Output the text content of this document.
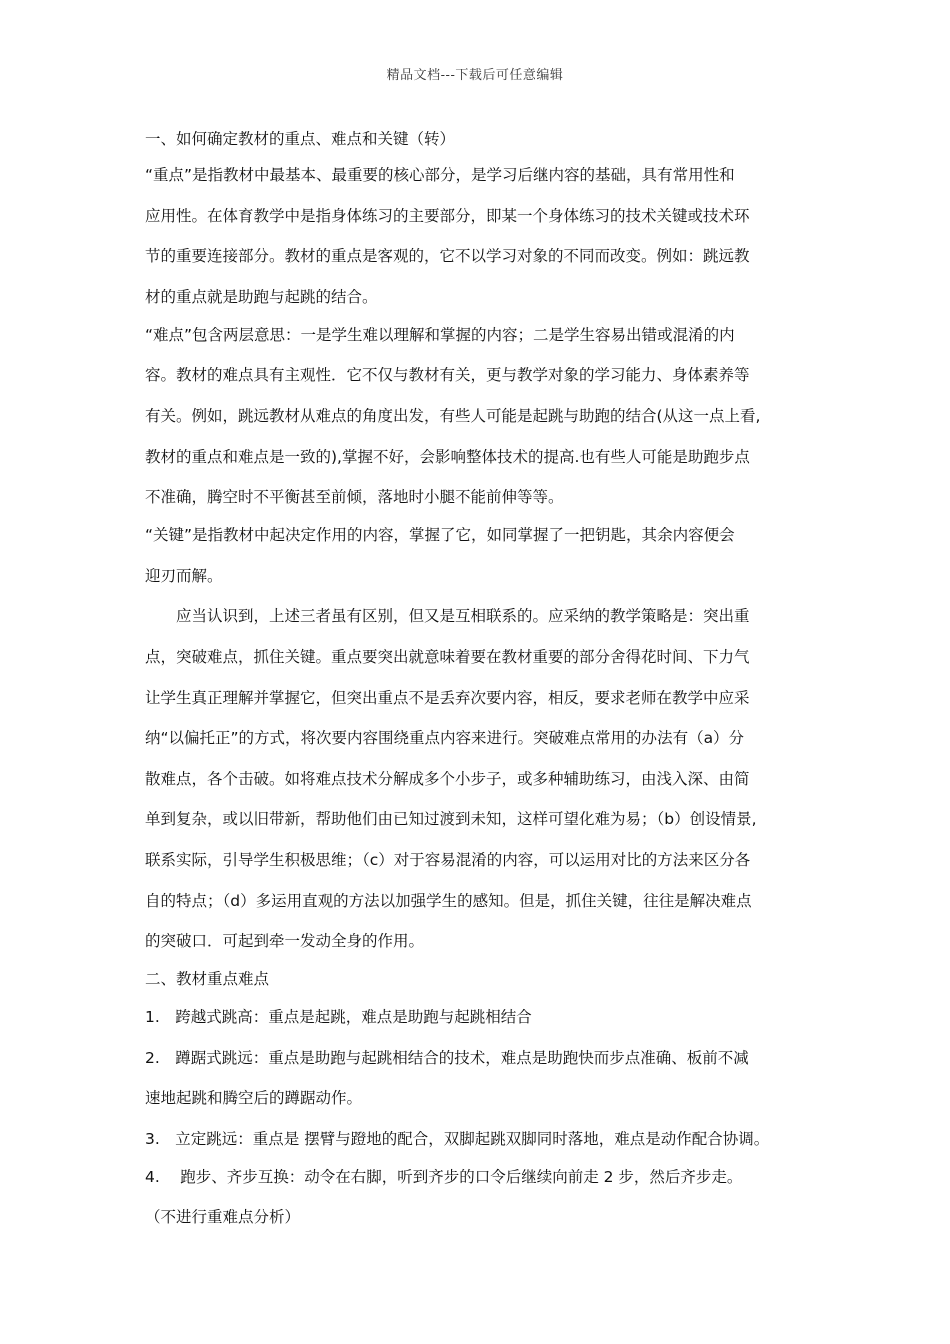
精品文档---下载后可任意编辑
一、如何确定教材的重点、难点和关键（转）
“重点”是指教材中最基本、最重要的核心部分，是学习后继内容的基础，具有常用性和
应用性。在体育教学中是指身体练习的主要部分，即某一个身体练习的技术关键或技术环
节的重要连接部分。教材的重点是客观的，它不以学习对象的不同而改变。例如：跳远教
材的重点就是助跑与起跳的结合。
“难点”包含两层意思：一是学生难以理解和掌握的内容；二是学生容易出错或混淆的内
容。教材的难点具有主观性．它不仅与教材有关，更与教学对象的学习能力、身体素养等
有关。例如，跳远教材从难点的角度出发，有些人可能是起跳与助跑的结合(从这一点上看,
教材的重点和难点是一致的),掌握不好，会影响整体技术的提高.也有些人可能是助跑步点
不准确，腾空时不平衡甚至前倾，落地时小腿不能前伸等等。
“关键”是指教材中起决定作用的内容，掌握了它，如同掌握了一把钥匙，其余内容便会
迎刃而解。
应当认识到，上述三者虽有区别，但又是互相联系的。应采纳的教学策略是：突出重
点，突破难点，抓住关键。重点要突出就意味着要在教材重要的部分舍得花时间、下力气
让学生真正理解并掌握它，但突出重点不是丢弃次要内容，相反，要求老师在教学中应采
纳“以偏托正”的方式，将次要内容围绕重点内容来进行。突破难点常用的办法有（a）分
散难点，各个击破。如将难点技术分解成多个小步子，或多种辅助练习，由浅入深、由简
单到复杂，或以旧带新，帮助他们由已知过渡到未知，这样可望化难为易；（b）创设情景,
联系实际，引导学生积极思维；（c）对于容易混淆的内容，可以运用对比的方法来区分各
自的特点；（d）多运用直观的方法以加强学生的感知。但是，抓住关键，往往是解决难点
的突破口．可起到牵一发动全身的作用。
二、教材重点难点
1.　跨越式跳高：重点是起跳，难点是助跑与起跳相结合
2.　蹲踞式跳远：重点是助跑与起跳相结合的技术，难点是助跑快而步点准确、板前不减
速地起跳和腾空后的蹲踞动作。
3.　立定跳远：重点是 摆臂与蹬地的配合，双脚起跳双脚同时落地，难点是动作配合协调。
4.　 跑步、齐步互换：动令在右脚，听到齐步的口令后继续向前走 2 步，然后齐步走。
（不进行重难点分析）
